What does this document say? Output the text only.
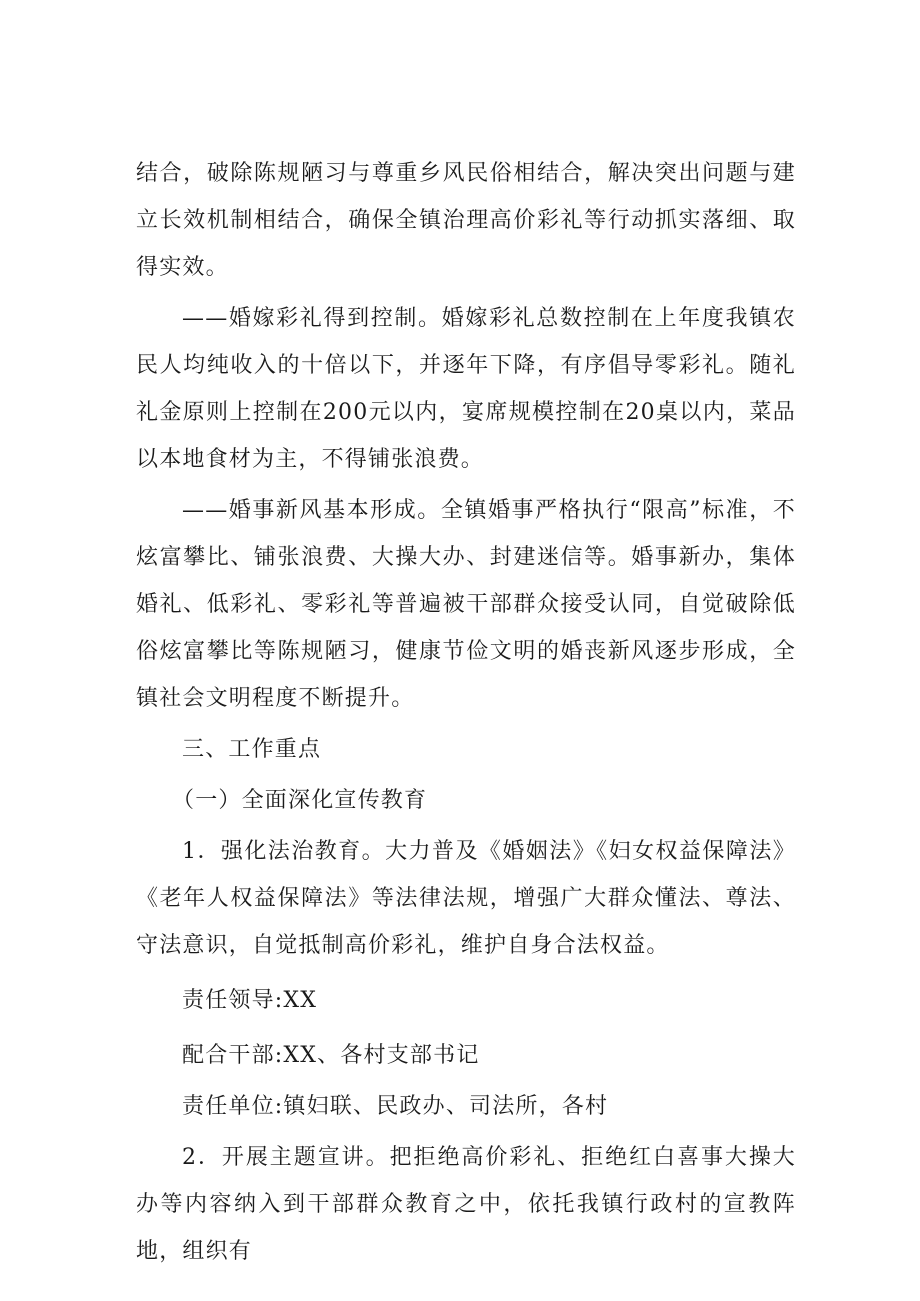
结合，破除陈规陋习与尊重乡风民俗相结合，解决突出问题与建立长效机制相结合，确保全镇治理高价彩礼等行动抓实落细、取得实效。

——婚嫁彩礼得到控制。婚嫁彩礼总数控制在上年度我镇农民人均纯收入的十倍以下，并逐年下降，有序倡导零彩礼。随礼礼金原则上控制在200元以内，宴席规模控制在20桌以内，菜品以本地食材为主，不得铺张浪费。

——婚事新风基本形成。全镇婚事严格执行“限高”标准，不炫富攀比、铺张浪费、大操大办、封建迷信等。婚事新办，集体婚礼、低彩礼、零彩礼等普遍被干部群众接受认同，自觉破除低俗炫富攀比等陈规陋习，健康节俭文明的婚丧新风逐步形成，全镇社会文明程度不断提升。

三、工作重点

（一）全面深化宣传教育

1．强化法治教育。大力普及《婚姻法》《妇女权益保障法》《老年人权益保障法》等法律法规，增强广大群众懂法、尊法、守法意识，自觉抵制高价彩礼，维护自身合法权益。

责任领导:XX

配合干部:XX、各村支部书记

责任单位:镇妇联、民政办、司法所，各村

2．开展主题宣讲。把拒绝高价彩礼、拒绝红白喜事大操大办等内容纳入到干部群众教育之中，依托我镇行政村的宣教阵地，组织有
